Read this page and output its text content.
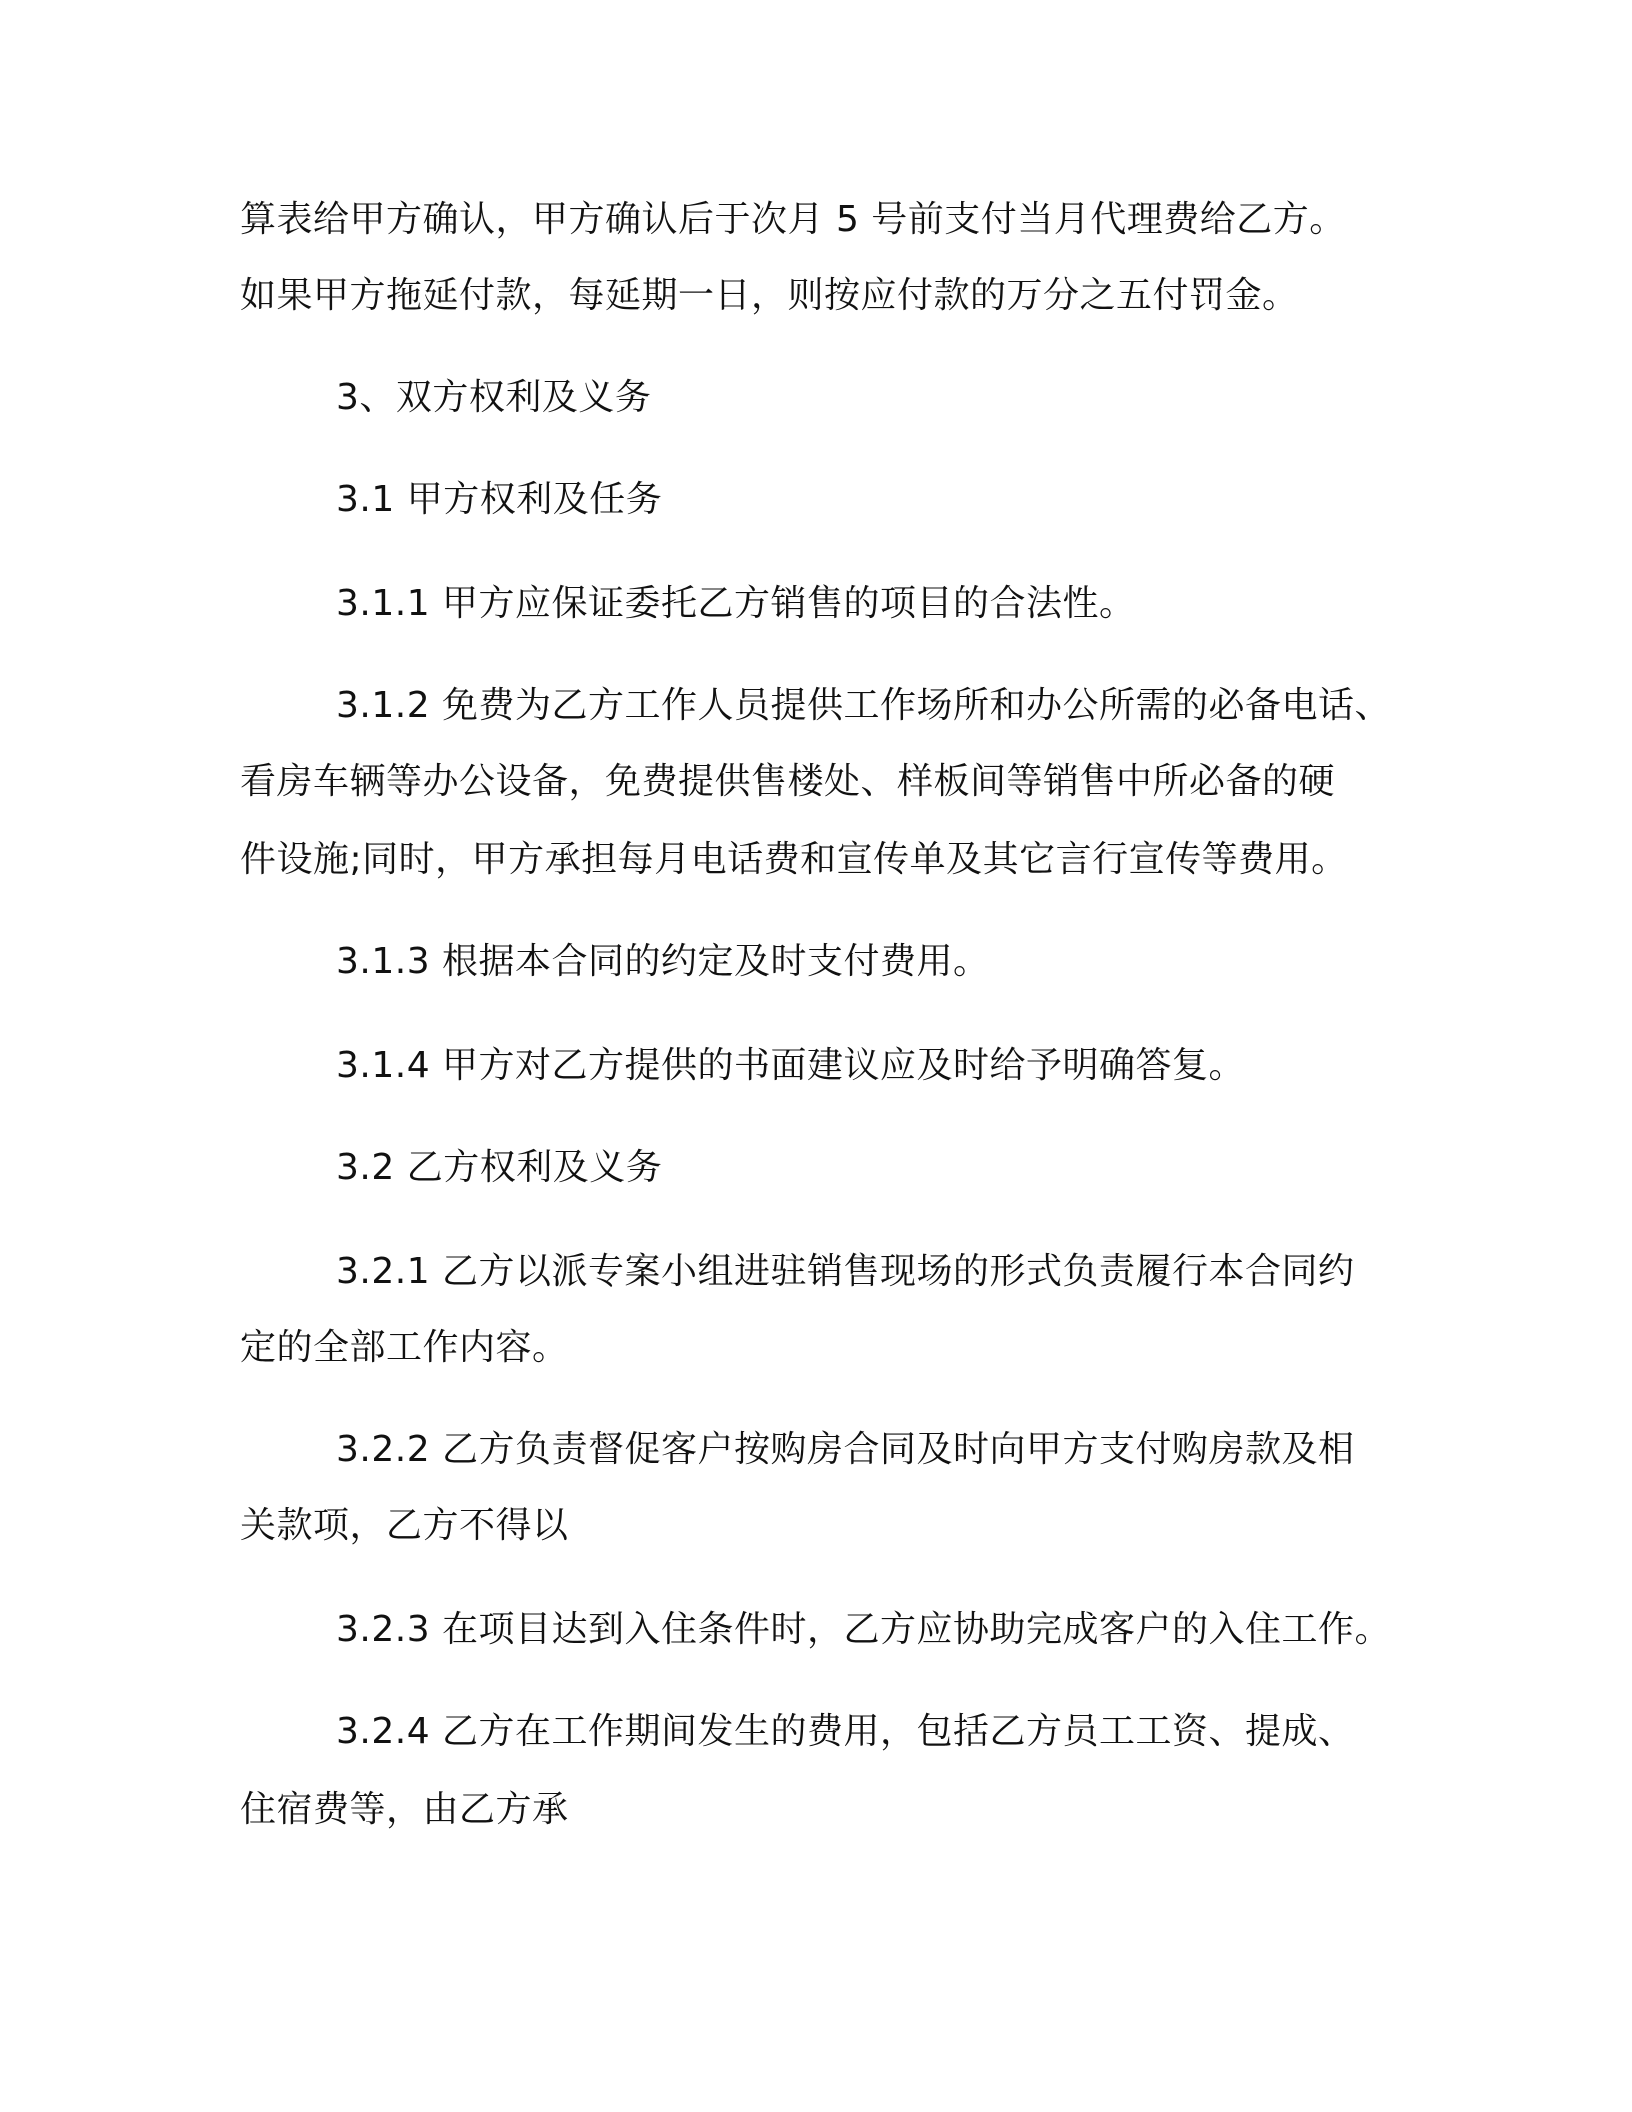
算表给甲方确认，甲方确认后于次月 5 号前支付当月代理费给乙方。
如果甲方拖延付款，每延期一日，则按应付款的万分之五付罚金。
3、双方权利及义务
3.1 甲方权利及任务
3.1.1 甲方应保证委托乙方销售的项目的合法性。
3.1.2 免费为乙方工作人员提供工作场所和办公所需的必备电话、
看房车辆等办公设备，免费提供售楼处、样板间等销售中所必备的硬
件设施;同时，甲方承担每月电话费和宣传单及其它言行宣传等费用。
3.1.3 根据本合同的约定及时支付费用。
3.1.4 甲方对乙方提供的书面建议应及时给予明确答复。
3.2 乙方权利及义务
3.2.1 乙方以派专案小组进驻销售现场的形式负责履行本合同约
定的全部工作内容。
3.2.2 乙方负责督促客户按购房合同及时向甲方支付购房款及相
关款项，乙方不得以
3.2.3 在项目达到入住条件时，乙方应协助完成客户的入住工作。
3.2.4 乙方在工作期间发生的费用，包括乙方员工工资、提成、
住宿费等，由乙方承
